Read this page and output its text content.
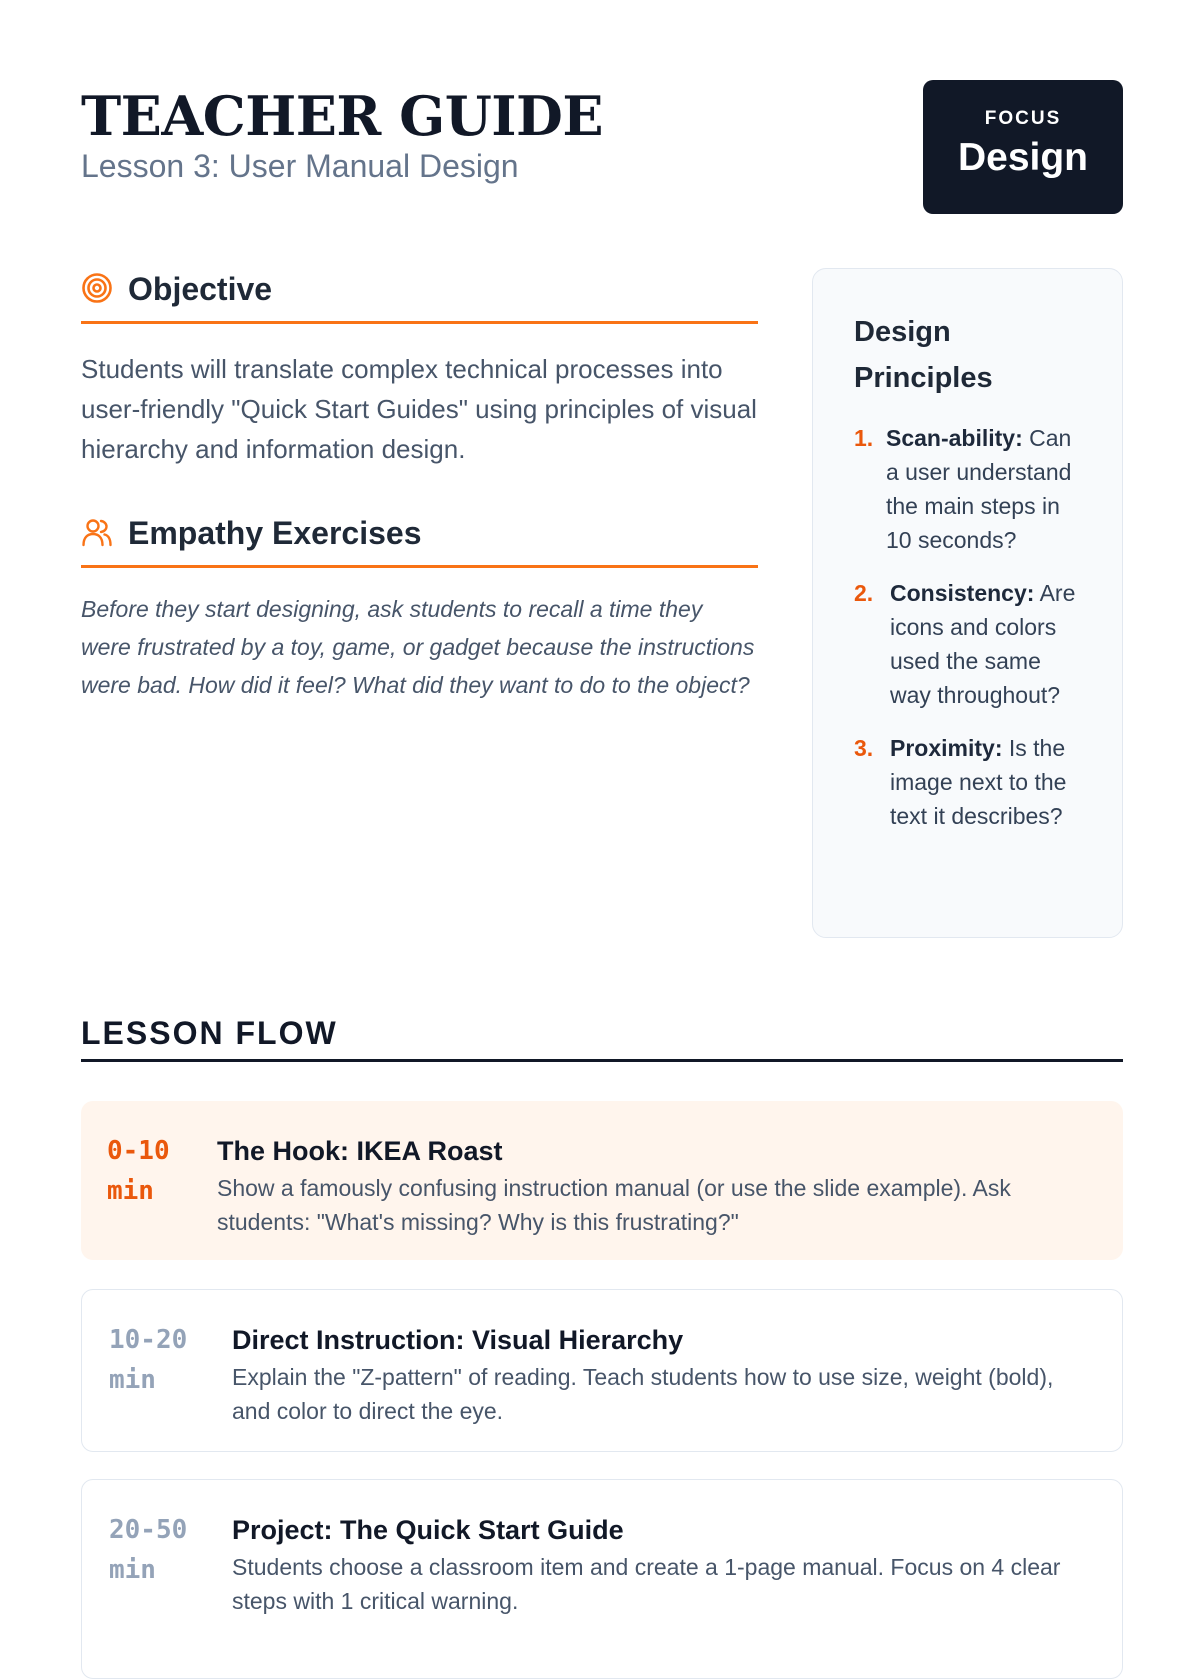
TEACHER GUIDE
Lesson 3: User Manual Design
FOCUS
Design
Objective

Students will translate complex technical processes into user-friendly "Quick Start Guides" using principles of visual hierarchy and information design.

Empathy Exercises

Before they start designing, ask students to recall a time they were frustrated by a toy, game, or gadget because the instructions were bad. How did it feel? What did they want to do to the object?

Design Principles
1. Scan-ability: Can a user understand the main steps in 10 seconds?
2. Consistency: Are icons and colors used the same way throughout?
3. Proximity: Is the image next to the text it describes?
LESSON FLOW
0-10 min
The Hook: IKEA Roast
Show a famously confusing instruction manual (or use the slide example). Ask students: "What's missing? Why is this frustrating?"
10-20 min
Direct Instruction: Visual Hierarchy
Explain the "Z-pattern" of reading. Teach students how to use size, weight (bold), and color to direct the eye.
20-50 min
Project: The Quick Start Guide
Students choose a classroom item and create a 1-page manual. Focus on 4 clear steps with 1 critical warning.
